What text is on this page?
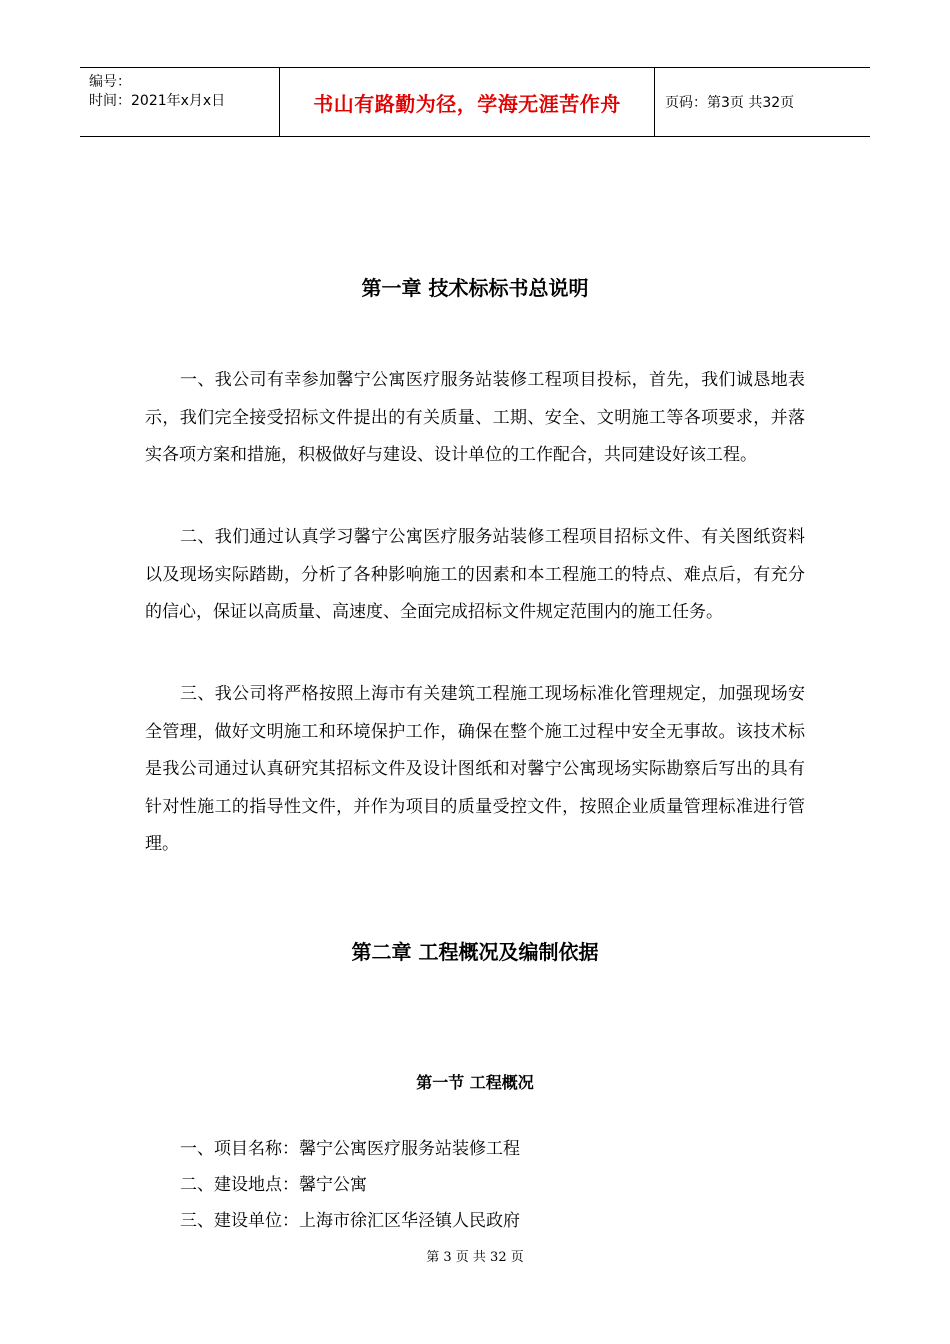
编号：
时间：2021年x月x日	书山有路勤为径，学海无涯苦作舟	页码：第3页 共32页
第一章 技术标标书总说明

一、我公司有幸参加馨宁公寓医疗服务站装修工程项目投标，首先，我们诚恳地表示，我们完全接受招标文件提出的有关质量、工期、安全、文明施工等各项要求，并落实各项方案和措施，积极做好与建设、设计单位的工作配合，共同建设好该工程。

二、我们通过认真学习馨宁公寓医疗服务站装修工程项目招标文件、有关图纸资料以及现场实际踏勘，分析了各种影响施工的因素和本工程施工的特点、难点后，有充分的信心，保证以高质量、高速度、全面完成招标文件规定范围内的施工任务。

三、我公司将严格按照上海市有关建筑工程施工现场标准化管理规定，加强现场安全管理，做好文明施工和环境保护工作，确保在整个施工过程中安全无事故。该技术标是我公司通过认真研究其招标文件及设计图纸和对馨宁公寓现场实际勘察后写出的具有针对性施工的指导性文件，并作为项目的质量受控文件，按照企业质量管理标准进行管理。

第二章 工程概况及编制依据
第一节 工程概况
一、项目名称：馨宁公寓医疗服务站装修工程
二、建设地点：馨宁公寓
三、建设单位：上海市徐汇区华泾镇人民政府
第 3 页 共 32 页
